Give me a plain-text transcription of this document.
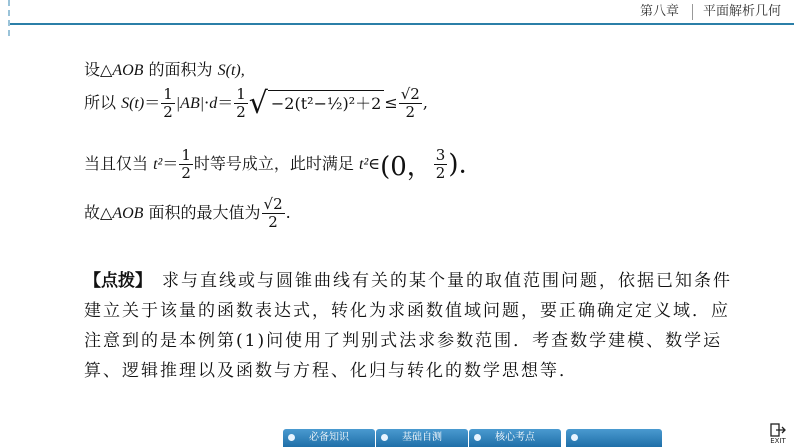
第八章 平面解析几何
设△AOB 的面积为 S(t),
所以 $S(t)= \frac{1}{2} |AB|\cdot d= \frac{1}{2}$ √ −2(t²−½)²＋2 ≤ $\frac{√2}{2}$ ,
当且仅当 $t^2= \frac{1}{2}$ 时等号成立，此时满足 t²∈(0， $\frac{3}{2}$ ).
故△AOB 面积的最大值为 $\frac{√2}{2}$ .
【点拨】 求与直线或与圆锥曲线有关的某个量的取值范围问题，依据已知条件建立关于该量的函数表达式，转化为求函数值域问题，要正确确定定义域．应注意到的是本例第(1)问使用了判别式法求参数范围．考查数学建模、数学运算、逻辑推理以及函数与方程、化归与转化的数学思想等．
必备知识	基础自测	核心考点	EXIT
